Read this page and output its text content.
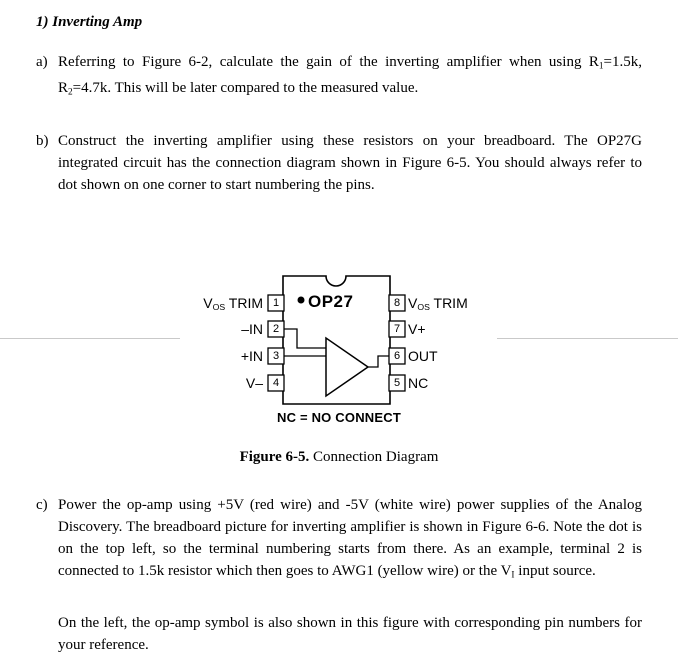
1) Inverting Amp
a) Referring to Figure 6-2, calculate the gain of the inverting amplifier when using $R_1=1.5k$, $R_2=4.7k$. This will be later compared to the measured value.
b) Construct the inverting amplifier using these resistors on your breadboard. The OP27G integrated circuit has the connection diagram shown in Figure 6-5. You should always refer to dot shown on one corner to start numbering the pins.
OP27
NC = NO CONNECT
1
$V_{OS}$ TRIM
2
–IN
3
+IN
4
V–
8 $V_{OS}$ TRIM
7 V+
6 OUT
5 NC

Figure 6-5. Connection Diagram

c) Power the op-amp using +5V (red wire) and -5V (white wire) power supplies of the Analog Discovery. The breadboard picture for inverting amplifier is shown in Figure 6-6. Note the dot is on the top left, so the terminal numbering starts from there. As an example, terminal 2 is connected to 1.5k resistor which then goes to AWG1 (yellow wire) or the $V_I$ input source.

On the left, the op-amp symbol is also shown in this figure with corresponding pin numbers for your reference.
